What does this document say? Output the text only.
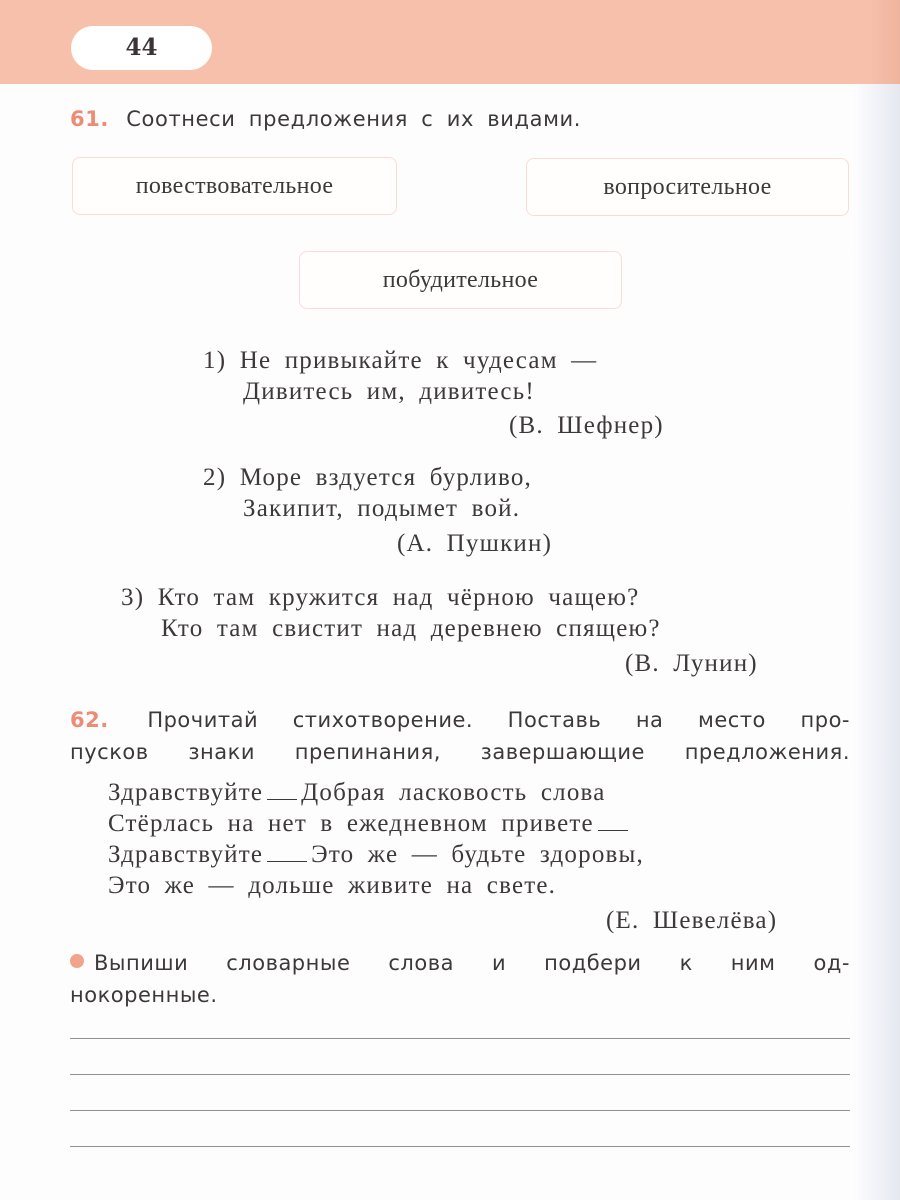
44
61. Соотнеси предложения с их видами.
повествовательное	вопросительное
побудительное
1) Не привыкайте к чудесам —
Дивитесь им, дивитесь!
(В. Шефнер)
2) Море вздуется бурливо,
Закипит, подымет вой.
(А. Пушкин)
3) Кто там кружится над чёрною чащею?
Кто там свистит над деревнею спящею?
(В. Лунин)
62. Прочитай стихотворение. Поставь на место про-
пусков знаки препинания, завершающие предложения.
Здравствуйте Добрая ласковость слова
Стёрлась на нет в ежедневном привете
Здравствуйте Это же — будьте здоровы,
Это же — дольше живите на свете.
(Е. Шевелёва)
Выпиши словарные слова и подбери к ним од-
нокоренные.
